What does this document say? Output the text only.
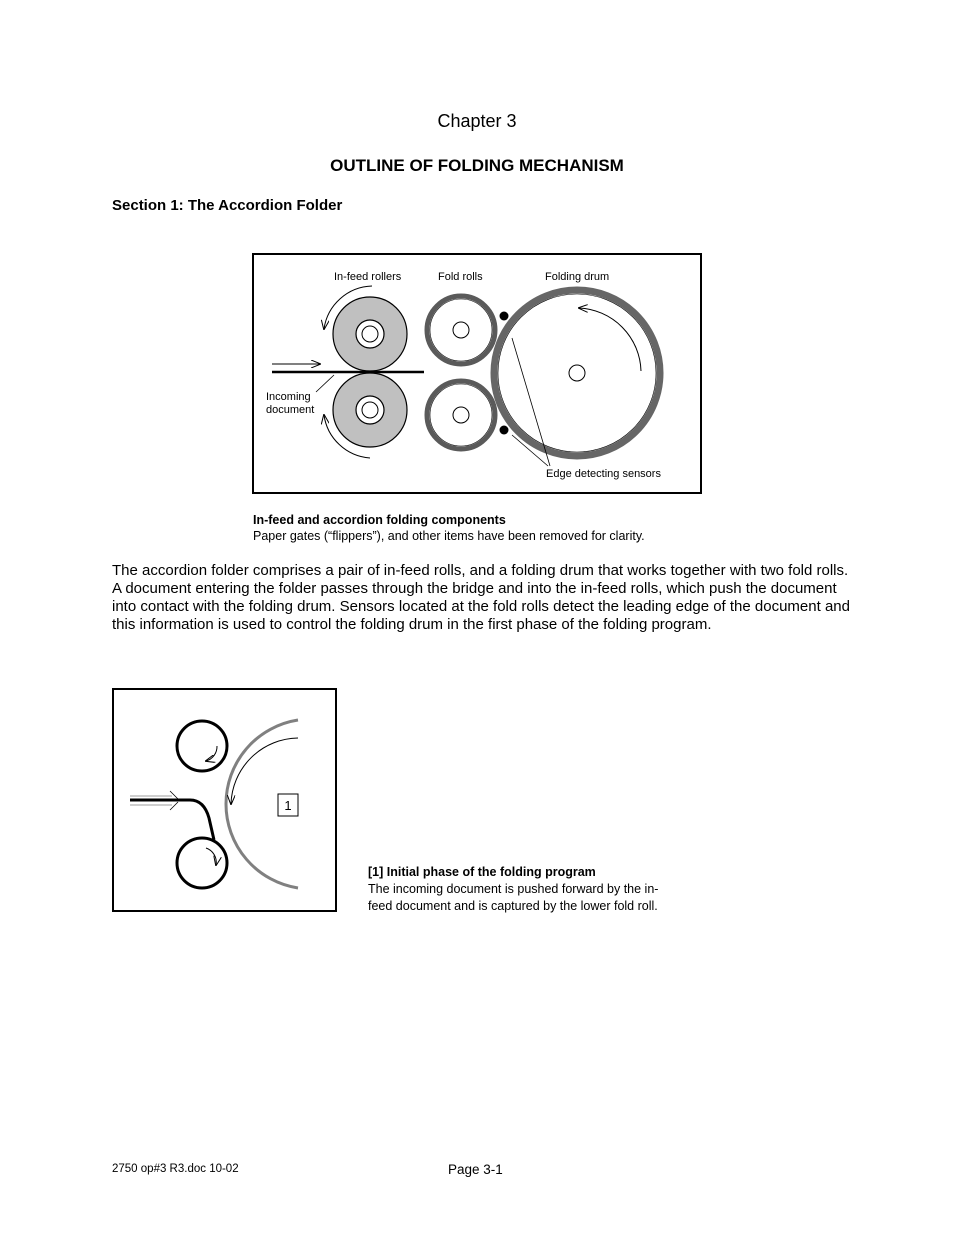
Chapter 3
OUTLINE OF FOLDING MECHANISM
Section 1: The Accordion Folder
In-feed rollers	Fold rolls	Folding drum
Incoming
document
Edge detecting sensors
In-feed and accordion folding components
Paper gates (“flippers”), and other items have been removed for clarity.
The accordion folder comprises a pair of in-feed rolls, and a folding drum that works together with two fold rolls. A document entering the folder passes through the bridge and into the in-feed rolls, which push the document into contact with the folding drum. Sensors located at the fold rolls detect the leading edge of the document and this information is used to control the folding drum in the first phase of the folding program.
1
[1] Initial phase of the folding program
The incoming document is pushed forward by the in-
feed document and is captured by the lower fold roll.
2750 op#3 R3.doc 10-02	Page 3-1
